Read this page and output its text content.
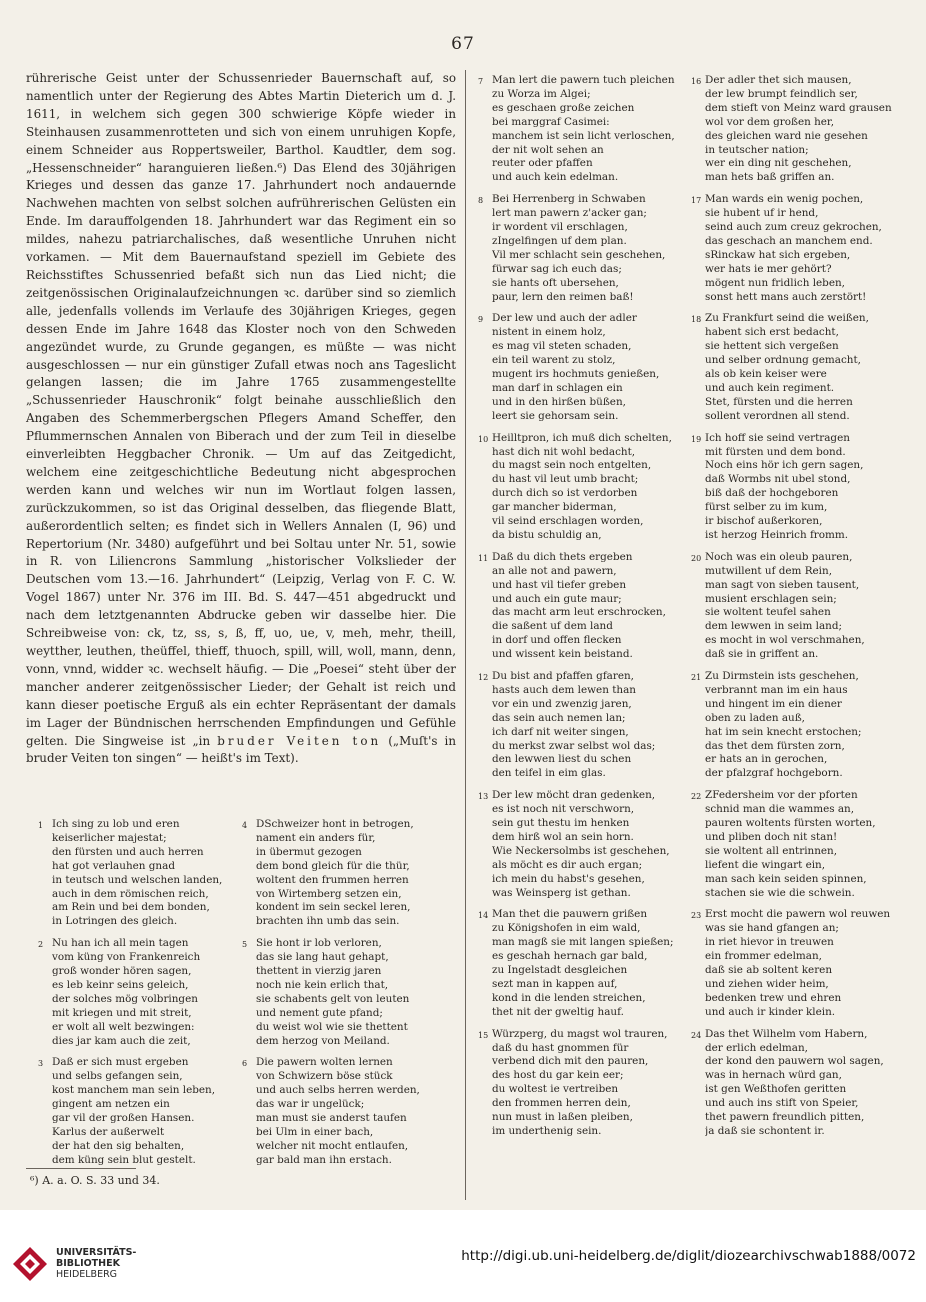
67

rührerische Geist unter der Schussenrieder Bauernschaft auf, so namentlich unter der Regierung des Abtes Martin Dieterich um d. J. 1611, in welchem sich gegen 300 schwierige Köpfe wieder in Steinhausen zusammenrotteten und sich von einem unruhigen Kopfe, einem Schneider aus Roppertsweiler, Barthol. Kaudtler, dem sog. „Hessenschneider“ haranguieren ließen.⁶) Das Elend des 30jährigen Krieges und dessen das ganze 17. Jahrhundert noch andauernde Nachwehen machten von selbst solchen aufrührerischen Gelüsten ein Ende. Im darauffolgenden 18. Jahrhundert war das Regiment ein so mildes, nahezu patriarchalisches, daß wesentliche Unruhen nicht vorkamen. — Mit dem Bauernaufstand speziell im Gebiete des Reichsstiftes Schussenried befaßt sich nun das Lied nicht; die zeitgenössischen Originalaufzeichnungen ꝛc. darüber sind so ziemlich alle, jedenfalls vollends im Verlaufe des 30jährigen Krieges, gegen dessen Ende im Jahre 1648 das Kloster noch von den Schweden angezündet wurde, zu Grunde gegangen, es müßte — was nicht ausgeschlossen — nur ein günstiger Zufall etwas noch ans Tageslicht gelangen lassen; die im Jahre 1765 zusammengestellte „Schussenrieder Hauschronik“ folgt beinahe ausschließlich den Angaben des Schemmerbergschen Pflegers Amand Scheffer, den Pflummernschen Annalen von Biberach und der zum Teil in dieselbe einverleibten Heggbacher Chronik. — Um auf das Zeitgedicht, welchem eine zeitgeschichtliche Bedeutung nicht abgesprochen werden kann und welches wir nun im Wortlaut folgen lassen, zurückzukommen, so ist das Original desselben, das fliegende Blatt, außerordentlich selten; es findet sich in Wellers Annalen (I, 96) und Repertorium (Nr. 3480) aufgeführt und bei Soltau unter Nr. 51, sowie in R. von Liliencrons Sammlung „historischer Volkslieder der Deutschen vom 13.—16. Jahrhundert“ (Leipzig, Verlag von F. C. W. Vogel 1867) unter Nr. 376 im III. Bd. S. 447—451 abgedruckt und nach dem letztgenannten Abdrucke geben wir dasselbe hier. Die Schreibweise von: ck, tz, ss, s, ß, ff, uo, ue, v, meh, mehr, theill, weytther, leuthen, theüffel, thieff, thuoch, spill, will, woll, mann, denn, vonn, vnnd, widder ꝛc. wechselt häufig. — Die „Poesei“ steht über der mancher anderer zeitgenössischer Lieder; der Gehalt ist reich und kann dieser poetische Erguß als ein echter Repräsentant der damals im Lager der Bündnischen herrschenden Empfindungen und Gefühle gelten. Die Singweise ist „in bruder Veiten ton („Muſt's in bruder Veiten ton singen“ — heißt's im Text).

1 Ich sing zu lob und eren
keiserlicher majestat;
den fürsten und auch herren
hat got verlauhen gnad
in teutsch und welschen landen,
auch in dem römischen reich,
am Rein und bei dem bonden,
in Lotringen des gleich.
2 Nu han ich all mein tagen
vom küng von Frankenreich
groß wonder hören sagen,
es leb keinr seins geleich,
der solches mög volbringen
mit kriegen und mit streit,
er wolt all welt bezwingen:
dies jar kam auch die zeit,
3 Daß er sich must ergeben
und selbs gefangen sein,
kost manchem man sein leben,
gingent am netzen ein
gar vil der großen Hansen.
Karlus der außerwelt
der hat den sig behalten,
dem küng sein blut gestelt.
4 DSchweizer hont in betrogen,
nament ein anders für,
in übermut gezogen
dem bond gleich für die thür,
woltent den frummen herren
von Wirtemberg setzen ein,
kondent im sein seckel leren,
brachten ihn umb das sein.
5 Sie hont ir lob verloren,
das sie lang haut gehapt,
thettent in vierzig jaren
noch nie kein erlich that,
sie schabents gelt von leuten
und nement gute pfand;
du weist wol wie sie thettent
dem herzog von Meiland.
6 Die pawern wolten lernen
von Schwizern böse stück
und auch selbs herren werden,
das war ir ungelück;
man must sie anderst taufen
bei Ulm in einer bach,
welcher nit mocht entlaufen,
gar bald man ihn erstach.
7 Man lert die pawern tuch pleichen
zu Worza im Algei;
es geschaen große zeichen
bei marggraf Casimei:
manchem ist sein licht verloschen,
der nit wolt sehen an
reuter oder pfaffen
und auch kein edelman.
8 Bei Herrenberg in Schwaben
lert man pawern z'acker gan;
ir wordent vil erschlagen,
zIngelfingen uf dem plan.
Vil mer schlacht sein geschehen,
fürwar sag ich euch das;
sie hants oft ubersehen,
paur, lern den reimen baß!
9 Der lew und auch der adler
nistent in einem holz,
es mag vil steten schaden,
ein teil warent zu stolz,
mugent irs hochmuts genießen,
man darf in schlagen ein
und in den hirßen büßen,
leert sie gehorsam sein.
10 Heilltpron, ich muß dich schelten,
hast dich nit wohl bedacht,
du magst sein noch entgelten,
du hast vil leut umb bracht;
durch dich so ist verdorben
gar mancher biderman,
vil seind erschlagen worden,
da bistu schuldig an,
11 Daß du dich thets ergeben
an alle not and pawern,
und hast vil tiefer greben
und auch ein gute maur;
das macht arm leut erschrocken,
die saßent uf dem land
in dorf und offen flecken
und wissent kein beistand.
12 Du bist and pfaffen gfaren,
hasts auch dem lewen than
vor ein und zwenzig jaren,
das sein auch nemen lan;
ich darf nit weiter singen,
du merkst zwar selbst wol das;
den lewwen liest du schen
den teifel in eim glas.
13 Der lew möcht dran gedenken,
es ist noch nit verschworn,
sein gut thestu im henken
dem hirß wol an sein horn.
Wie Neckersolmbs ist geschehen,
als möcht es dir auch ergan;
ich mein du habst's gesehen,
was Weinsperg ist gethan.
14 Man thet die pauwern grißen
zu Königshofen in eim wald,
man magß sie mit langen spießen;
es geschah hernach gar bald,
zu Ingelstadt desgleichen
sezt man in kappen auf,
kond in die lenden streichen,
thet nit der gweltig hauf.
15 Würzperg, du magst wol trauren,
daß du hast gnommen für
verbend dich mit den pauren,
des host du gar kein eer;
du woltest ie vertreiben
den frommen herren dein,
nun must in laßen pleiben,
im underthenig sein.
16 Der adler thet sich mausen,
der lew brumpt feindlich ser,
dem stieft von Meinz ward grausen
wol vor dem großen her,
des gleichen ward nie gesehen
in teutscher nation;
wer ein ding nit geschehen,
man hets baß griffen an.
17 Man wards ein wenig pochen,
sie hubent uf ir hend,
seind auch zum creuz gekrochen,
das geschach an manchem end.
sRinckaw hat sich ergeben,
wer hats ie mer gehört?
mögent nun fridlich leben,
sonst hett mans auch zerstört!
18 Zu Frankfurt seind die weißen,
habent sich erst bedacht,
sie hettent sich vergeßen
und selber ordnung gemacht,
als ob kein keiser were
und auch kein regiment.
Stet, fürsten und die herren
sollent verordnen all stend.
19 Ich hoff sie seind vertragen
mit fürsten und dem bond.
Noch eins hör ich gern sagen,
daß Wormbs nit ubel stond,
biß daß der hochgeboren
fürst selber zu im kum,
ir bischof außerkoren,
ist herzog Heinrich fromm.
20 Noch was ein oleub pauren,
mutwillent uf dem Rein,
man sagt von sieben tausent,
musient erschlagen sein;
sie woltent teufel sahen
dem lewwen in seim land;
es mocht in wol verschmahen,
daß sie in griffent an.
21 Zu Dirmstein ists geschehen,
verbrannt man im ein haus
und hingent im ein diener
oben zu laden auß,
hat im sein knecht erstochen;
das thet dem fürsten zorn,
er hats an in gerochen,
der pfalzgraf hochgeborn.
22 ZFedersheim vor der pforten
schnid man die wammes an,
pauren woltents fürsten worten,
und pliben doch nit stan!
sie woltent all entrinnen,
liefent die wingart ein,
man sach kein seiden spinnen,
stachen sie wie die schwein.
23 Erst mocht die pawern wol reuwen
was sie hand gfangen an;
in riet hievor in treuwen
ein frommer edelman,
daß sie ab soltent keren
und ziehen wider heim,
bedenken trew und ehren
und auch ir kinder klein.
24 Das thet Wilhelm vom Habern,
der erlich edelman,
der kond den pauwern wol sagen,
was in hernach würd gan,
ist gen Weßthofen geritten
und auch ins stift von Speier,
thet pawern freundlich pitten,
ja daß sie schontent ir.
⁶) A. a. O. S. 33 und 34.
UNIVERSITÄTS-
BIBLIOTHEK
HEIDELBERG
http://digi.ub.uni-heidelberg.de/diglit/diozearchivschwab1888/0072
